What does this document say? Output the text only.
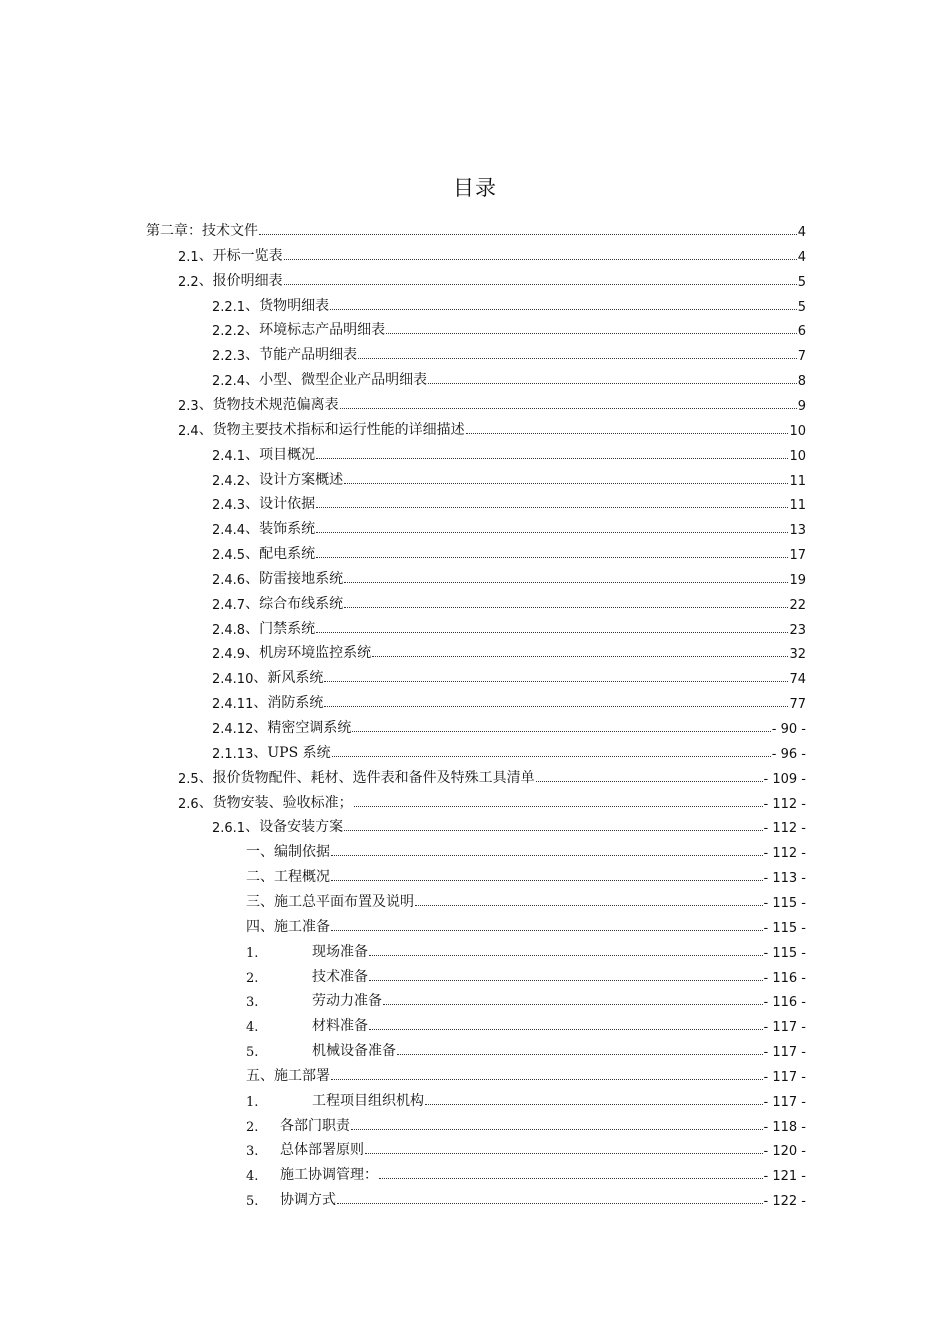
目录
第二章：技术文件	4
2.1 、开标一览表	4
2.2 、报价明细表	5
2.2.1 、货物明细表	5
2.2.2 、环境标志产品明细表	6
2.2.3 、节能产品明细表	7
2.2.4 、小型、微型企业产品明细表	8
2.3 、货物技术规范偏离表	9
2.4 、货物主要技术指标和运行性能的详细描述	10
2.4.1 、项目概况	10
2.4.2 、设计方案概述	11
2.4.3 、设计依据	11
2.4.4 、装饰系统	13
2.4.5 、配电系统	17
2.4.6 、防雷接地系统	19
2.4.7 、综合布线系统	22
2.4.8 、门禁系统	23
2.4.9 、机房环境监控系统	32
2.4.10 、新风系统	74
2.4.11 、消防系统	77
2.4.12 、精密空调系统	- 90 -
2.1.13 、UPS 系统	- 96 -
2.5 、报价货物配件、耗材、选件表和备件及特殊工具清单	- 109 -
2.6 、货物安装、验收标准；	- 112 -
2.6.1 、设备安装方案	- 112 -
一、编制依据	- 112 -
二、工程概况	- 113 -
三、施工总平面布置及说明	- 115 -
四、施工准备	- 115 -
1.	现场准备	- 115 -
2.	技术准备	- 116 -
3.	劳动力准备	- 116 -
4.	材料准备	- 117 -
5.	机械设备准备	- 117 -
五、施工部署	- 117 -
1.	工程项目组织机构	- 117 -
2.	各部门职责	- 118 -
3.	总体部署原则	- 120 -
4.	施工协调管理：	- 121 -
5.	协调方式	- 122 -
